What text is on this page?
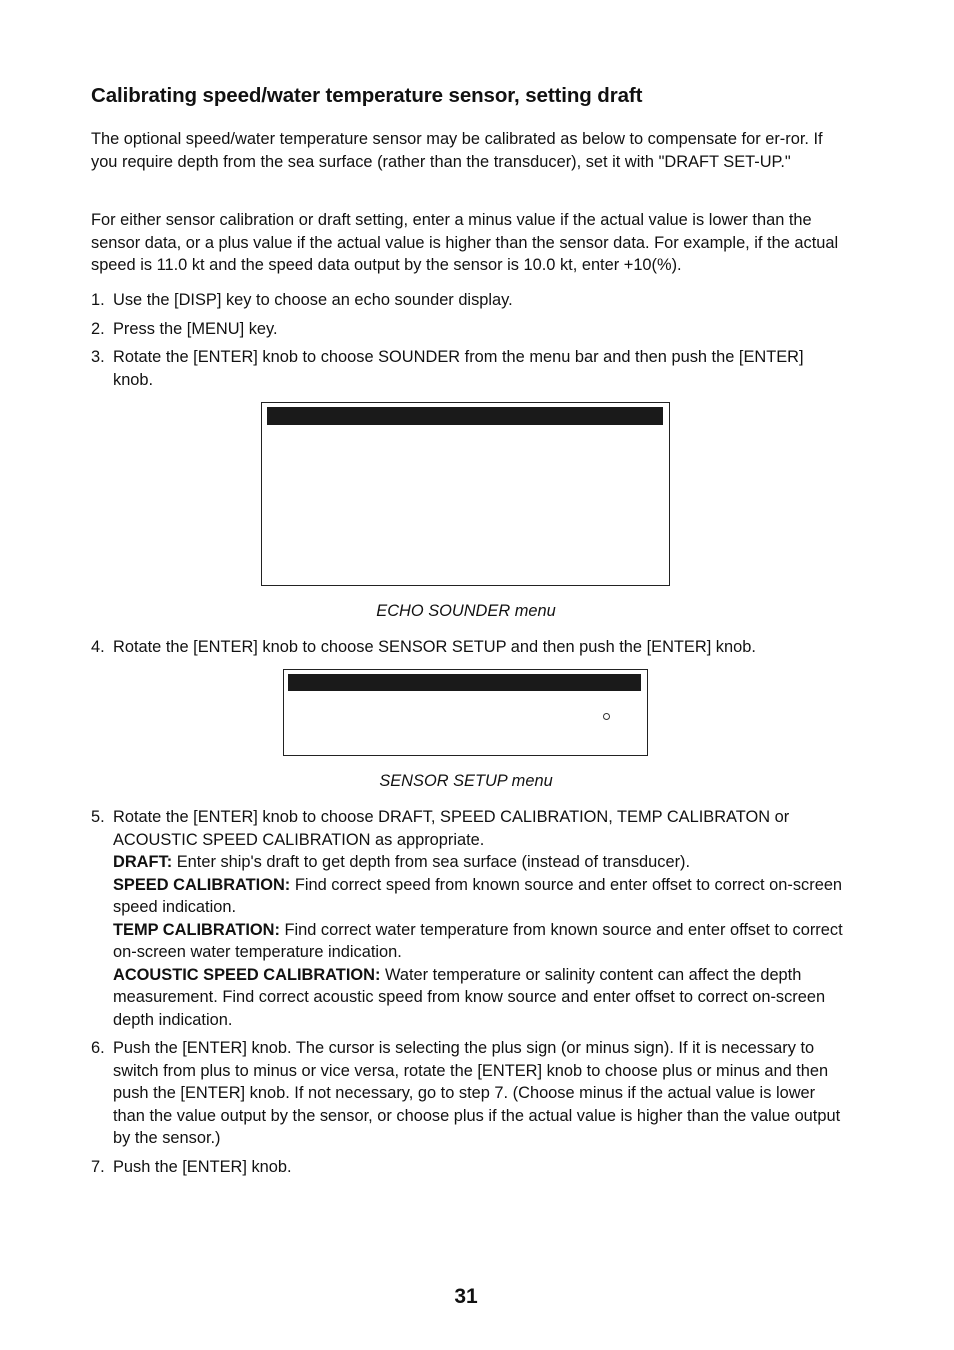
Calibrating speed/water temperature sensor, setting draft

The optional speed/water temperature sensor may be calibrated as below to compensate for er-ror. If you require depth from the sea surface (rather than the transducer), set it with "DRAFT SET-UP."

For either sensor calibration or draft setting, enter a minus value if the actual value is lower than the sensor data, or a plus value if the actual value is higher than the sensor data. For example, if the actual speed is 11.0 kt and the speed data output by the sensor is 10.0 kt, enter +10(%).

1. Use the [DISP] key to choose an echo sounder display.
2. Press the [MENU] key.
3. Rotate the [ENTER] knob to choose SOUNDER from the menu bar and then push the [ENTER] knob.
ECHO SOUNDER menu
4. Rotate the [ENTER] knob to choose SENSOR SETUP and then push the [ENTER] knob.
SENSOR SETUP menu
5. Rotate the [ENTER] knob to choose DRAFT, SPEED CALIBRATION, TEMP CALIBRATON or ACOUSTIC SPEED CALIBRATION as appropriate.
DRAFT: Enter ship's draft to get depth from sea surface (instead of transducer).
SPEED CALIBRATION: Find correct speed from known source and enter offset to correct on-screen speed indication.
TEMP CALIBRATION: Find correct water temperature from known source and enter offset to correct on-screen water temperature indication.
ACOUSTIC SPEED CALIBRATION: Water temperature or salinity content can affect the depth measurement. Find correct acoustic speed from know source and enter offset to correct on-screen depth indication.
6. Push the [ENTER] knob. The cursor is selecting the plus sign (or minus sign). If it is necessary to switch from plus to minus or vice versa, rotate the [ENTER] knob to choose plus or minus and then push the [ENTER] knob. If not necessary, go to step 7. (Choose minus if the actual value is lower than the value output by the sensor, or choose plus if the actual value is higher than the value output by the sensor.)
7. Push the [ENTER] knob.
31
